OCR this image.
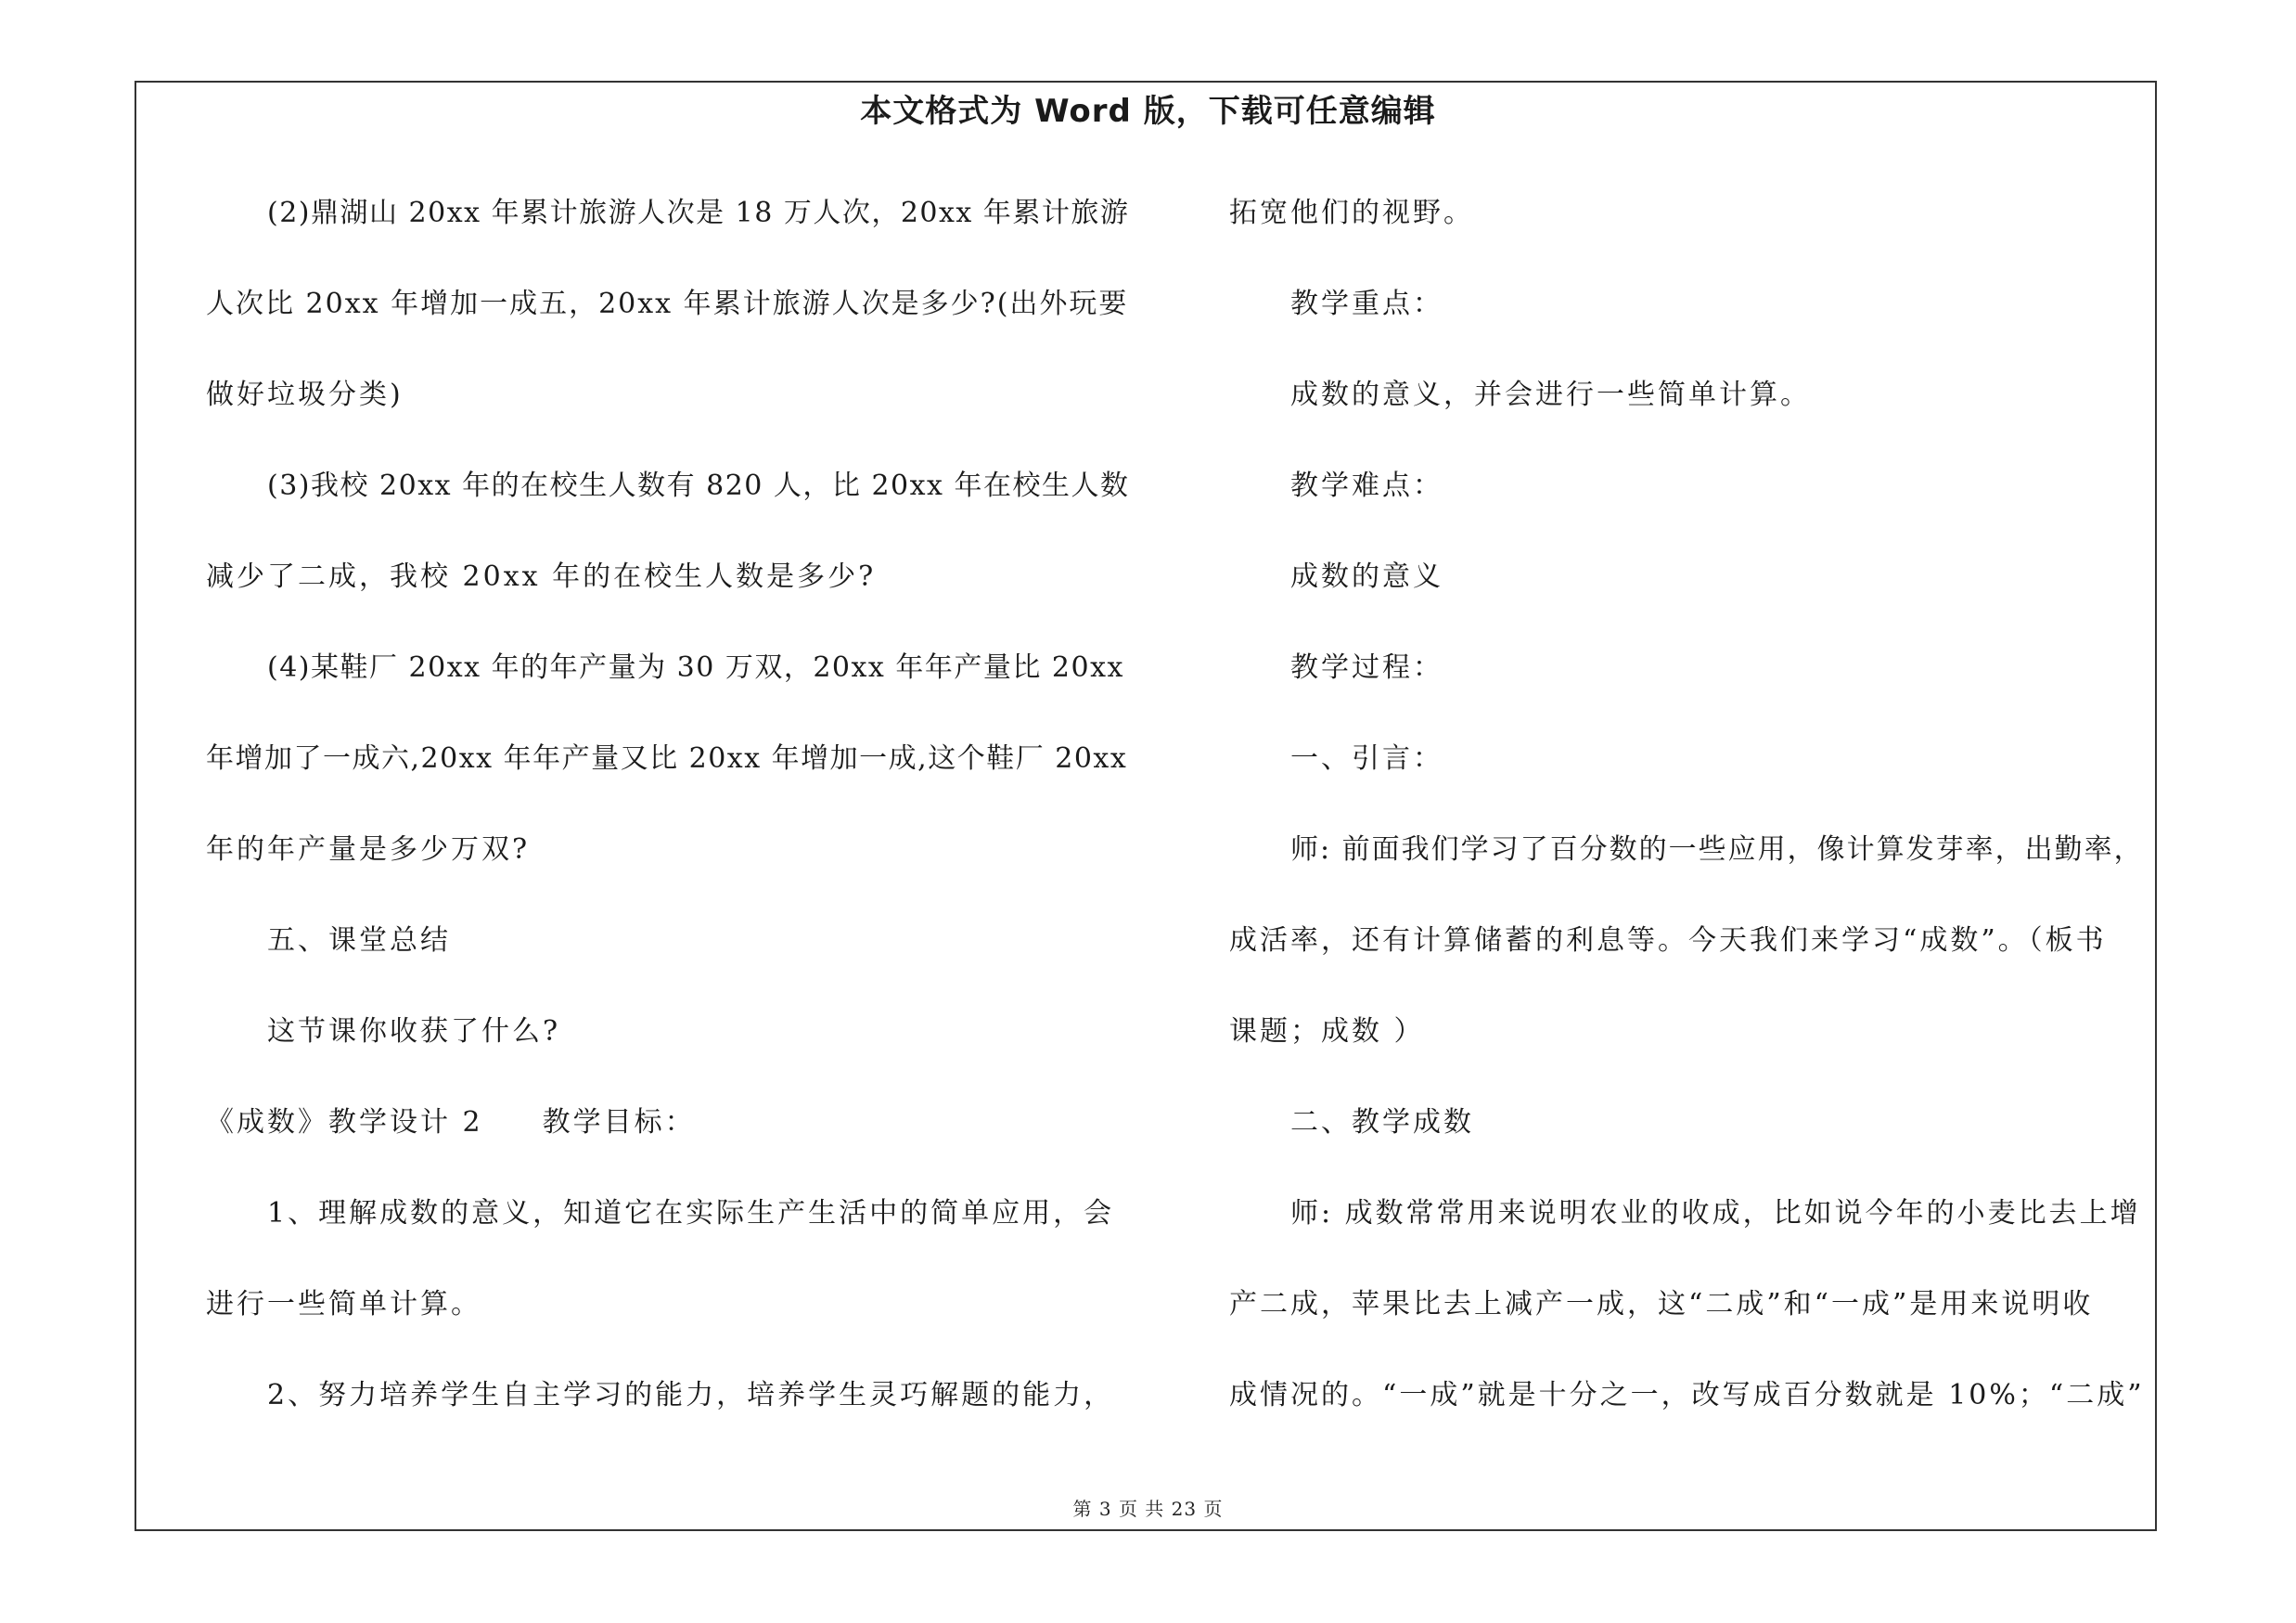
本文格式为 Word 版，下载可任意编辑
(2)鼎湖山 20xx 年累计旅游人次是 18 万人次，20xx 年累计旅游
人次比 20xx 年增加一成五，20xx 年累计旅游人次是多少?(出外玩要
做好垃圾分类)
(3)我校 20xx 年的在校生人数有 820 人，比 20xx 年在校生人数
减少了二成，我校 20xx 年的在校生人数是多少?
(4)某鞋厂 20xx 年的年产量为 30 万双，20xx 年年产量比 20xx
年增加了一成六,20xx 年年产量又比 20xx 年增加一成,这个鞋厂 20xx
年的年产量是多少万双?
五、课堂总结
这节课你收获了什么?
《成数》教学设计 2 教学目标：
1、理解成数的意义，知道它在实际生产生活中的简单应用，会
进行一些简单计算。
2、努力培养学生自主学习的能力，培养学生灵巧解题的能力，
拓宽他们的视野。
教学重点：
成数的意义，并会进行一些简单计算。
教学难点：
成数的意义
教学过程：
一、引言：
师: 前面我们学习了百分数的一些应用，像计算发芽率，出勤率，
成活率，还有计算储蓄的利息等。今天我们来学习“成数”。（板书
课题；成数 ）
二、教学成数
师: 成数常常用来说明农业的收成，比如说今年的小麦比去上增
产二成，苹果比去上减产一成，这“二成”和“一成”是用来说明收
成情况的。“一成”就是十分之一，改写成百分数就是 10%；“二成”
第 3 页 共 23 页
